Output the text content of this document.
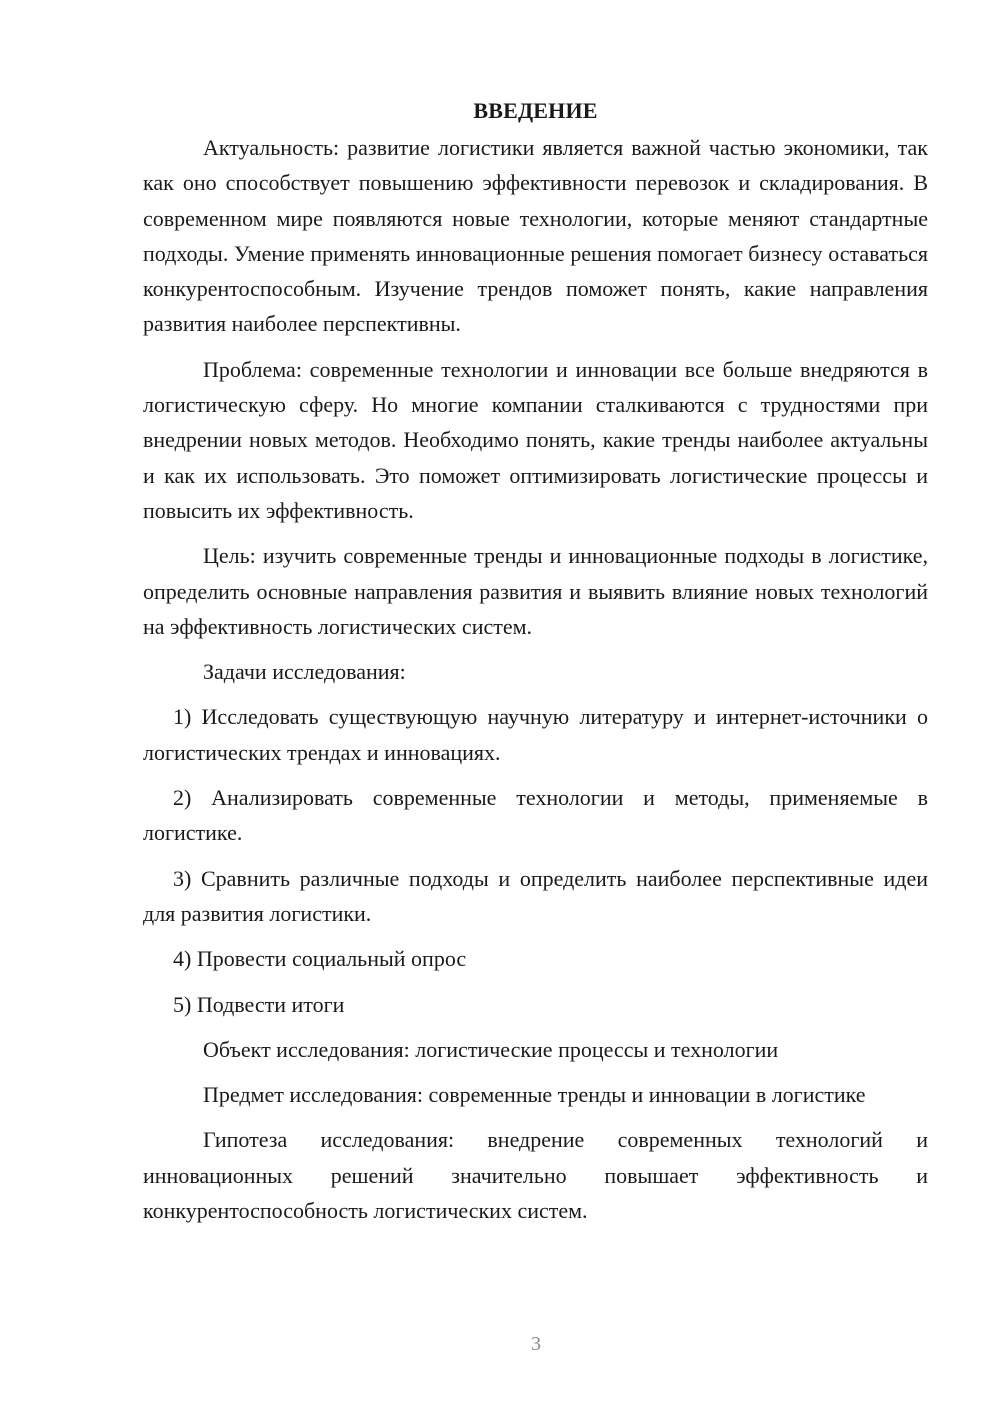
ВВЕДЕНИЕ

Актуальность: развитие логистики является важной частью экономики, так как оно способствует повышению эффективности перевозок и складирования. В современном мире появляются новые технологии, которые меняют стандартные подходы. Умение применять инновационные решения помогает бизнесу оставаться конкурентоспособным. Изучение трендов поможет понять, какие направления развития наиболее перспективны.

Проблема: современные технологии и инновации все больше внедряются в логистическую сферу. Но многие компании сталкиваются с трудностями при внедрении новых методов. Необходимо понять, какие тренды наиболее актуальны и как их использовать. Это поможет оптимизировать логистические процессы и повысить их эффективность.

Цель: изучить современные тренды и инновационные подходы в логистике, определить основные направления развития и выявить влияние новых технологий на эффективность логистических систем.

Задачи исследования:

1) Исследовать существующую научную литературу и интернет-источники о логистических трендах и инновациях.

2) Анализировать современные технологии и методы, применяемые в логистике.

3) Сравнить различные подходы и определить наиболее перспективные идеи для развития логистики.

4) Провести социальный опрос

5) Подвести итоги

Объект исследования: логистические процессы и технологии

Предмет исследования: современные тренды и инновации в логистике

Гипотеза исследования: внедрение современных технологий и инновационных решений значительно повышает эффективность и конкурентоспособность логистических систем.

3
